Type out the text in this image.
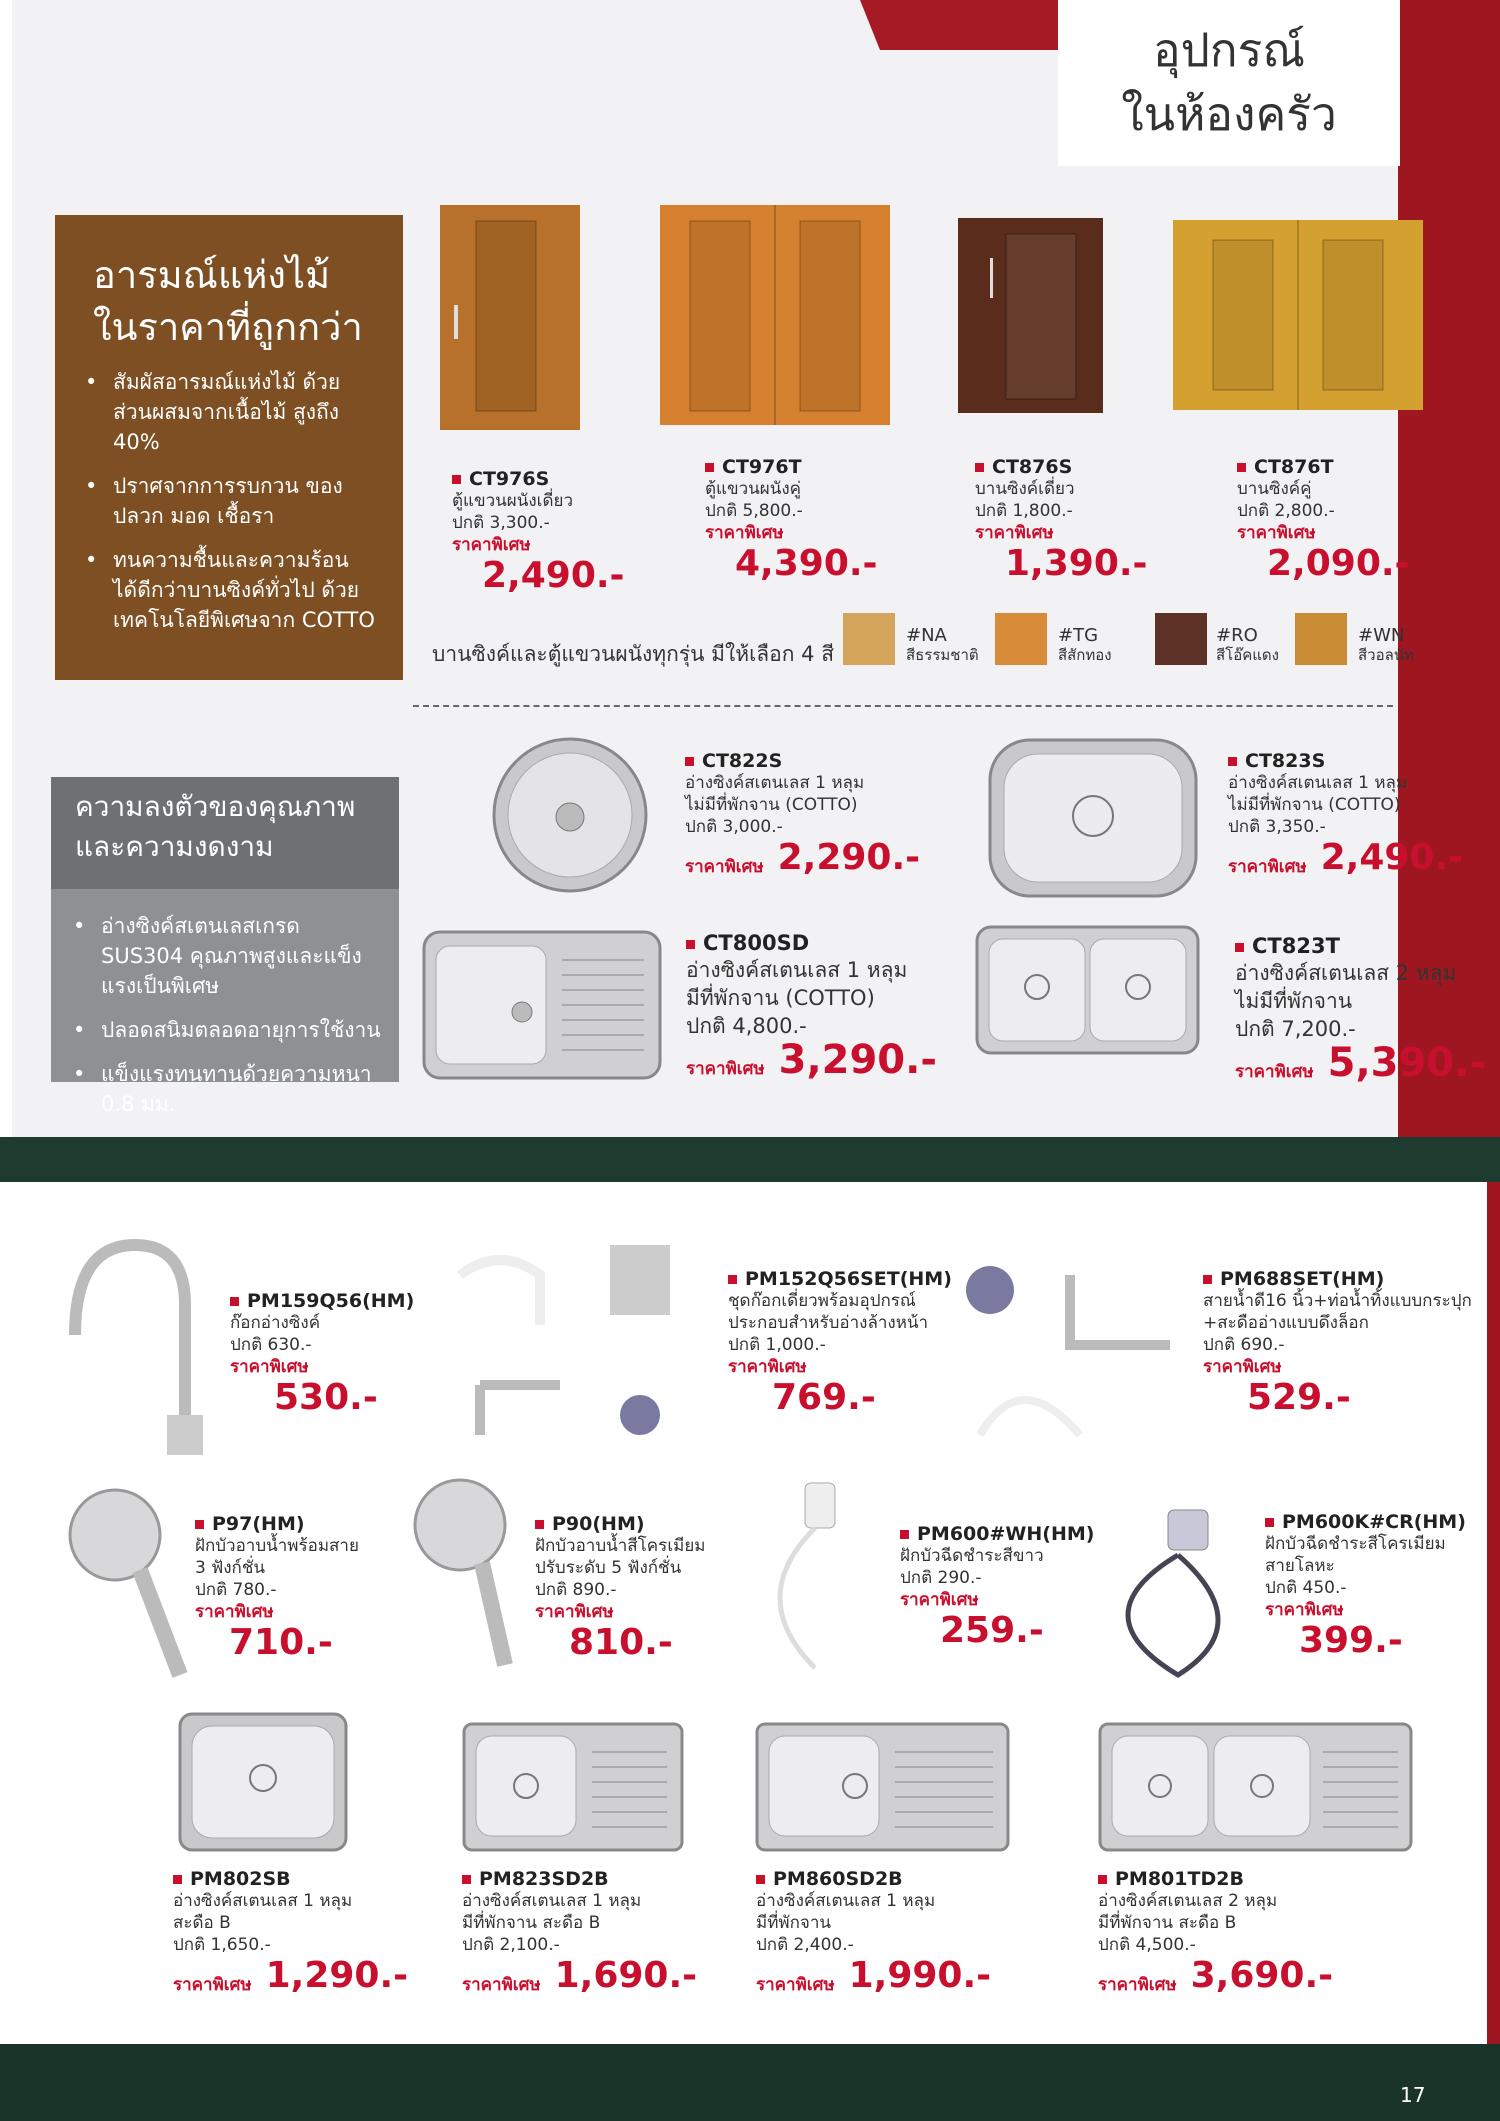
อุปกรณ์
ในห้องครัว
อารมณ์แห่งไม้
ในราคาที่ถูกกว่า
• สัมผัสอารมณ์แห่งไม้ ด้วยส่วนผสมจากเนื้อไม้ สูงถึง 40%
• ปราศจากการรบกวน ของปลวก มอด เชื้อรา
• ทนความชื้นและความร้อน ได้ดีกว่าบานซิงค์ทั่วไป ด้วยเทคโนโลยีพิเศษจาก COTTO
CT976S
ตู้แขวนผนังเดี่ยว
ปกติ 3,300.-
ราคาพิเศษ
2,490.-
CT976T
ตู้แขวนผนังคู่
ปกติ 5,800.-
ราคาพิเศษ
4,390.-
CT876S
บานซิงค์เดี่ยว
ปกติ 1,800.-
ราคาพิเศษ
1,390.-
CT876T
บานซิงค์คู่
ปกติ 2,800.-
ราคาพิเศษ
2,090.-
บานซิงค์และตู้แขวนผนังทุกรุ่น มีให้เลือก 4 สี
#NA
สีธรรมชาติ
#TG
สีสักทอง
#RO
สีโอ๊คแดง
#WN
สีวอลนัท
ความลงตัวของคุณภาพ
และความงดงาม
• อ่างซิงค์สเตนเลสเกรด SUS304 คุณภาพสูงและแข็งแรงเป็นพิเศษ
• ปลอดสนิมตลอดอายุการใช้งาน
• แข็งแรงทนทานด้วยความหนา 0.8 มม.
CT822S
อ่างซิงค์สเตนเลส 1 หลุม
ไม่มีที่พักจาน (COTTO)
ปกติ 3,000.-
ราคาพิเศษ 2,290.-
CT823S
อ่างซิงค์สเตนเลส 1 หลุม
ไม่มีที่พักจาน (COTTO)
ปกติ 3,350.-
ราคาพิเศษ 2,490.-
CT800SD
อ่างซิงค์สเตนเลส 1 หลุม
มีที่พักจาน (COTTO)
ปกติ 4,800.-
ราคาพิเศษ 3,290.-
CT823T
อ่างซิงค์สเตนเลส 2 หลุม
ไม่มีที่พักจาน
ปกติ 7,200.-
ราคาพิเศษ 5,390.-
PM159Q56(HM)
ก๊อกอ่างซิงค์
ปกติ 630.-
ราคาพิเศษ
530.-
PM152Q56SET(HM)
ชุดก๊อกเดี่ยวพร้อมอุปกรณ์
ประกอบสำหรับอ่างล้างหน้า
ปกติ 1,000.-
ราคาพิเศษ
769.-
PM688SET(HM)
สายน้ำดี16 นิ้ว+ท่อน้ำทิ้งแบบกระปุก
+สะดืออ่างแบบดึงล็อก
ปกติ 690.-
ราคาพิเศษ
529.-
P97(HM)
ฝักบัวอาบน้ำพร้อมสาย
3 ฟังก์ชั่น
ปกติ 780.-
ราคาพิเศษ
710.-
P90(HM)
ฝักบัวอาบน้ำสีโครเมียม
ปรับระดับ 5 ฟังก์ชั่น
ปกติ 890.-
ราคาพิเศษ
810.-
PM600#WH(HM)
ฝักบัวฉีดชำระสีขาว
ปกติ 290.-
ราคาพิเศษ
259.-
PM600K#CR(HM)
ฝักบัวฉีดชำระสีโครเมียม
สายโลหะ
ปกติ 450.-
ราคาพิเศษ
399.-
PM802SB
อ่างซิงค์สเตนเลส 1 หลุม
สะดือ B
ปกติ 1,650.-
ราคาพิเศษ 1,290.-
PM823SD2B
อ่างซิงค์สเตนเลส 1 หลุม
มีที่พักจาน สะดือ B
ปกติ 2,100.-
ราคาพิเศษ 1,690.-
PM860SD2B
อ่างซิงค์สเตนเลส 1 หลุม
มีที่พักจาน
ปกติ 2,400.-
ราคาพิเศษ 1,990.-
PM801TD2B
อ่างซิงค์สเตนเลส 2 หลุม
มีที่พักจาน สะดือ B
ปกติ 4,500.-
ราคาพิเศษ 3,690.-
17
